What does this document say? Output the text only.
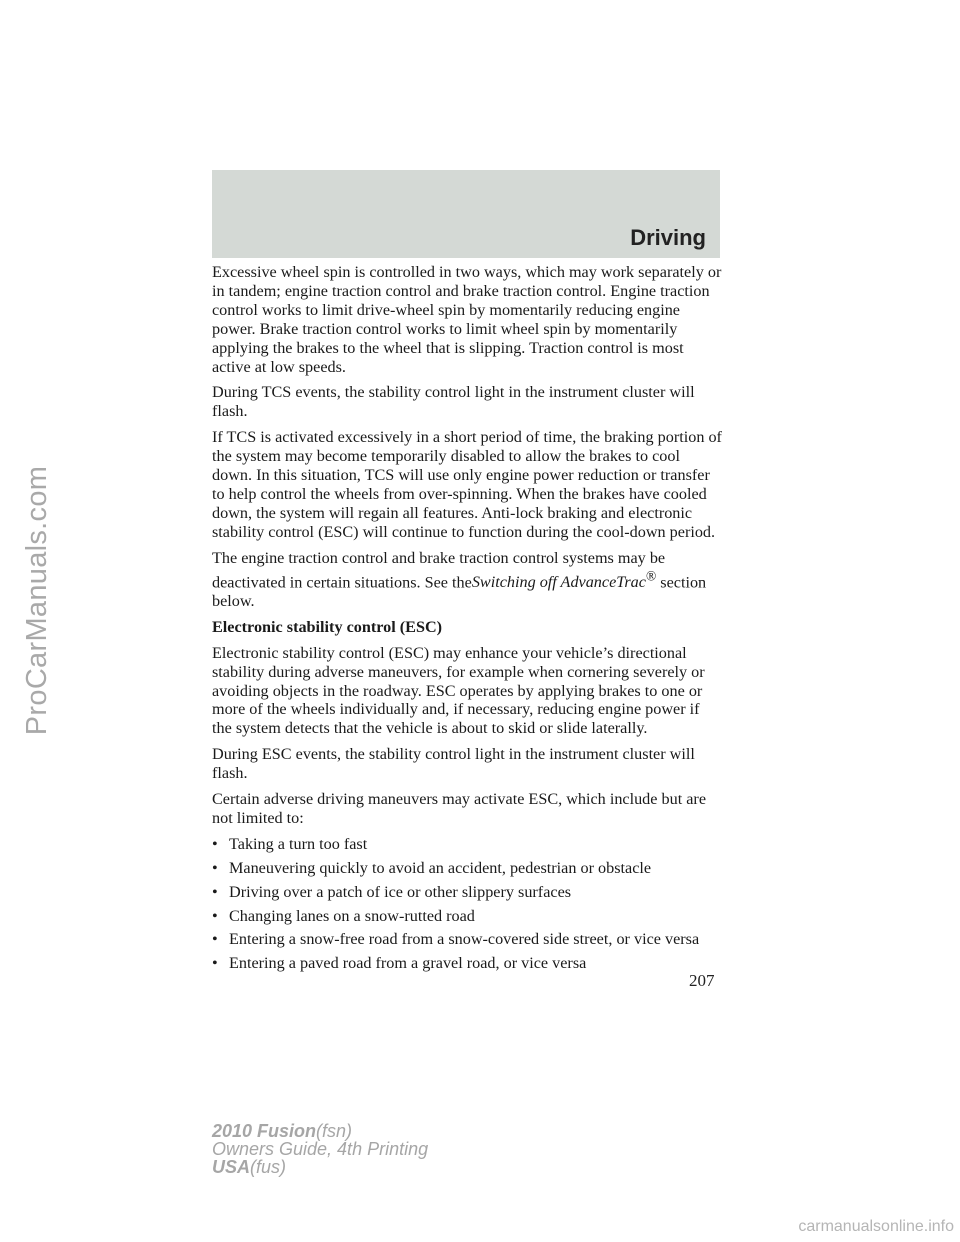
ProCarManuals.com
Driving

Excessive wheel spin is controlled in two ways, which may work separately or in tandem; engine traction control and brake traction control. Engine traction control works to limit drive-wheel spin by momentarily reducing engine power. Brake traction control works to limit wheel spin by momentarily applying the brakes to the wheel that is slipping. Traction control is most active at low speeds.

During TCS events, the stability control light in the instrument cluster will flash.

If TCS is activated excessively in a short period of time, the braking portion of the system may become temporarily disabled to allow the brakes to cool down. In this situation, TCS will use only engine power reduction or transfer to help control the wheels from over-spinning. When the brakes have cooled down, the system will regain all features. Anti-lock braking and electronic stability control (ESC) will continue to function during the cool-down period.

The engine traction control and brake traction control systems may be deactivated in certain situations. See theSwitching off AdvanceTrac® section below.

Electronic stability control (ESC)

Electronic stability control (ESC) may enhance your vehicle’s directional stability during adverse maneuvers, for example when cornering severely or avoiding objects in the roadway. ESC operates by applying brakes to one or more of the wheels individually and, if necessary, reducing engine power if the system detects that the vehicle is about to skid or slide laterally.

During ESC events, the stability control light in the instrument cluster will flash.

Certain adverse driving maneuvers may activate ESC, which include but are not limited to:

• Taking a turn too fast
• Maneuvering quickly to avoid an accident, pedestrian or obstacle
• Driving over a patch of ice or other slippery surfaces
• Changing lanes on a snow-rutted road
• Entering a snow-free road from a snow-covered side street, or vice versa
• Entering a paved road from a gravel road, or vice versa
207
2010 Fusion(fsn)
Owners Guide, 4th Printing
USA(fus)
carmanualsonline.info
